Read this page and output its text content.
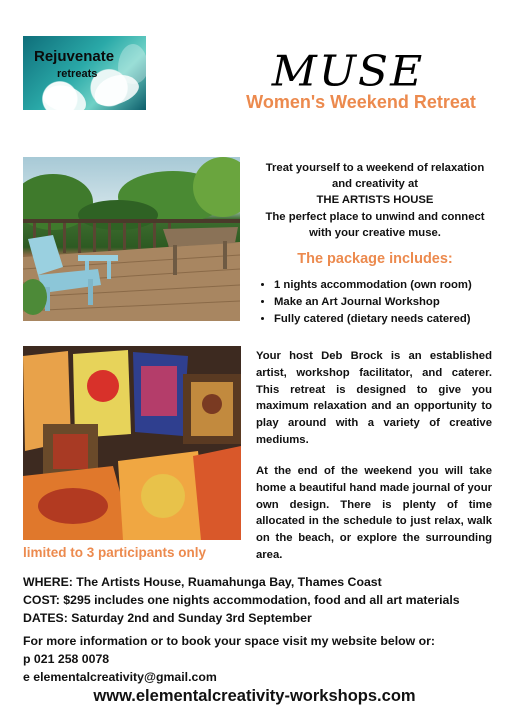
Rejuvenate
retreats	MUSE
Women's Weekend Retreat
Treat yourself to a weekend of relaxation
and creativity at
THE ARTISTS HOUSE
The perfect place to unwind and connect
with your creative muse.
The package includes:
• 1 nights accommodation (own room)
• Make an Art Journal Workshop
• Fully catered (dietary needs catered)
Your host Deb Brock is an established artist, workshop facilitator, and caterer. This retreat is designed to give you maximum relaxation and an opportunity to play around with a variety of creative mediums.
At the end of the weekend you will take home a beautiful hand made journal of your own design. There is plenty of time allocated in the schedule to just relax, walk on the beach, or explore the surrounding area.
limited to 3 participants only
WHERE: The Artists House, Ruamahunga Bay, Thames Coast
COST: $295 includes one nights accommodation, food and all art materials
DATES: Saturday 2nd and Sunday 3rd September
For more information or to book your space visit my website below or:
p 021 258 0078
e elementalcreativity@gmail.com
www.elementalcreativity-workshops.com
